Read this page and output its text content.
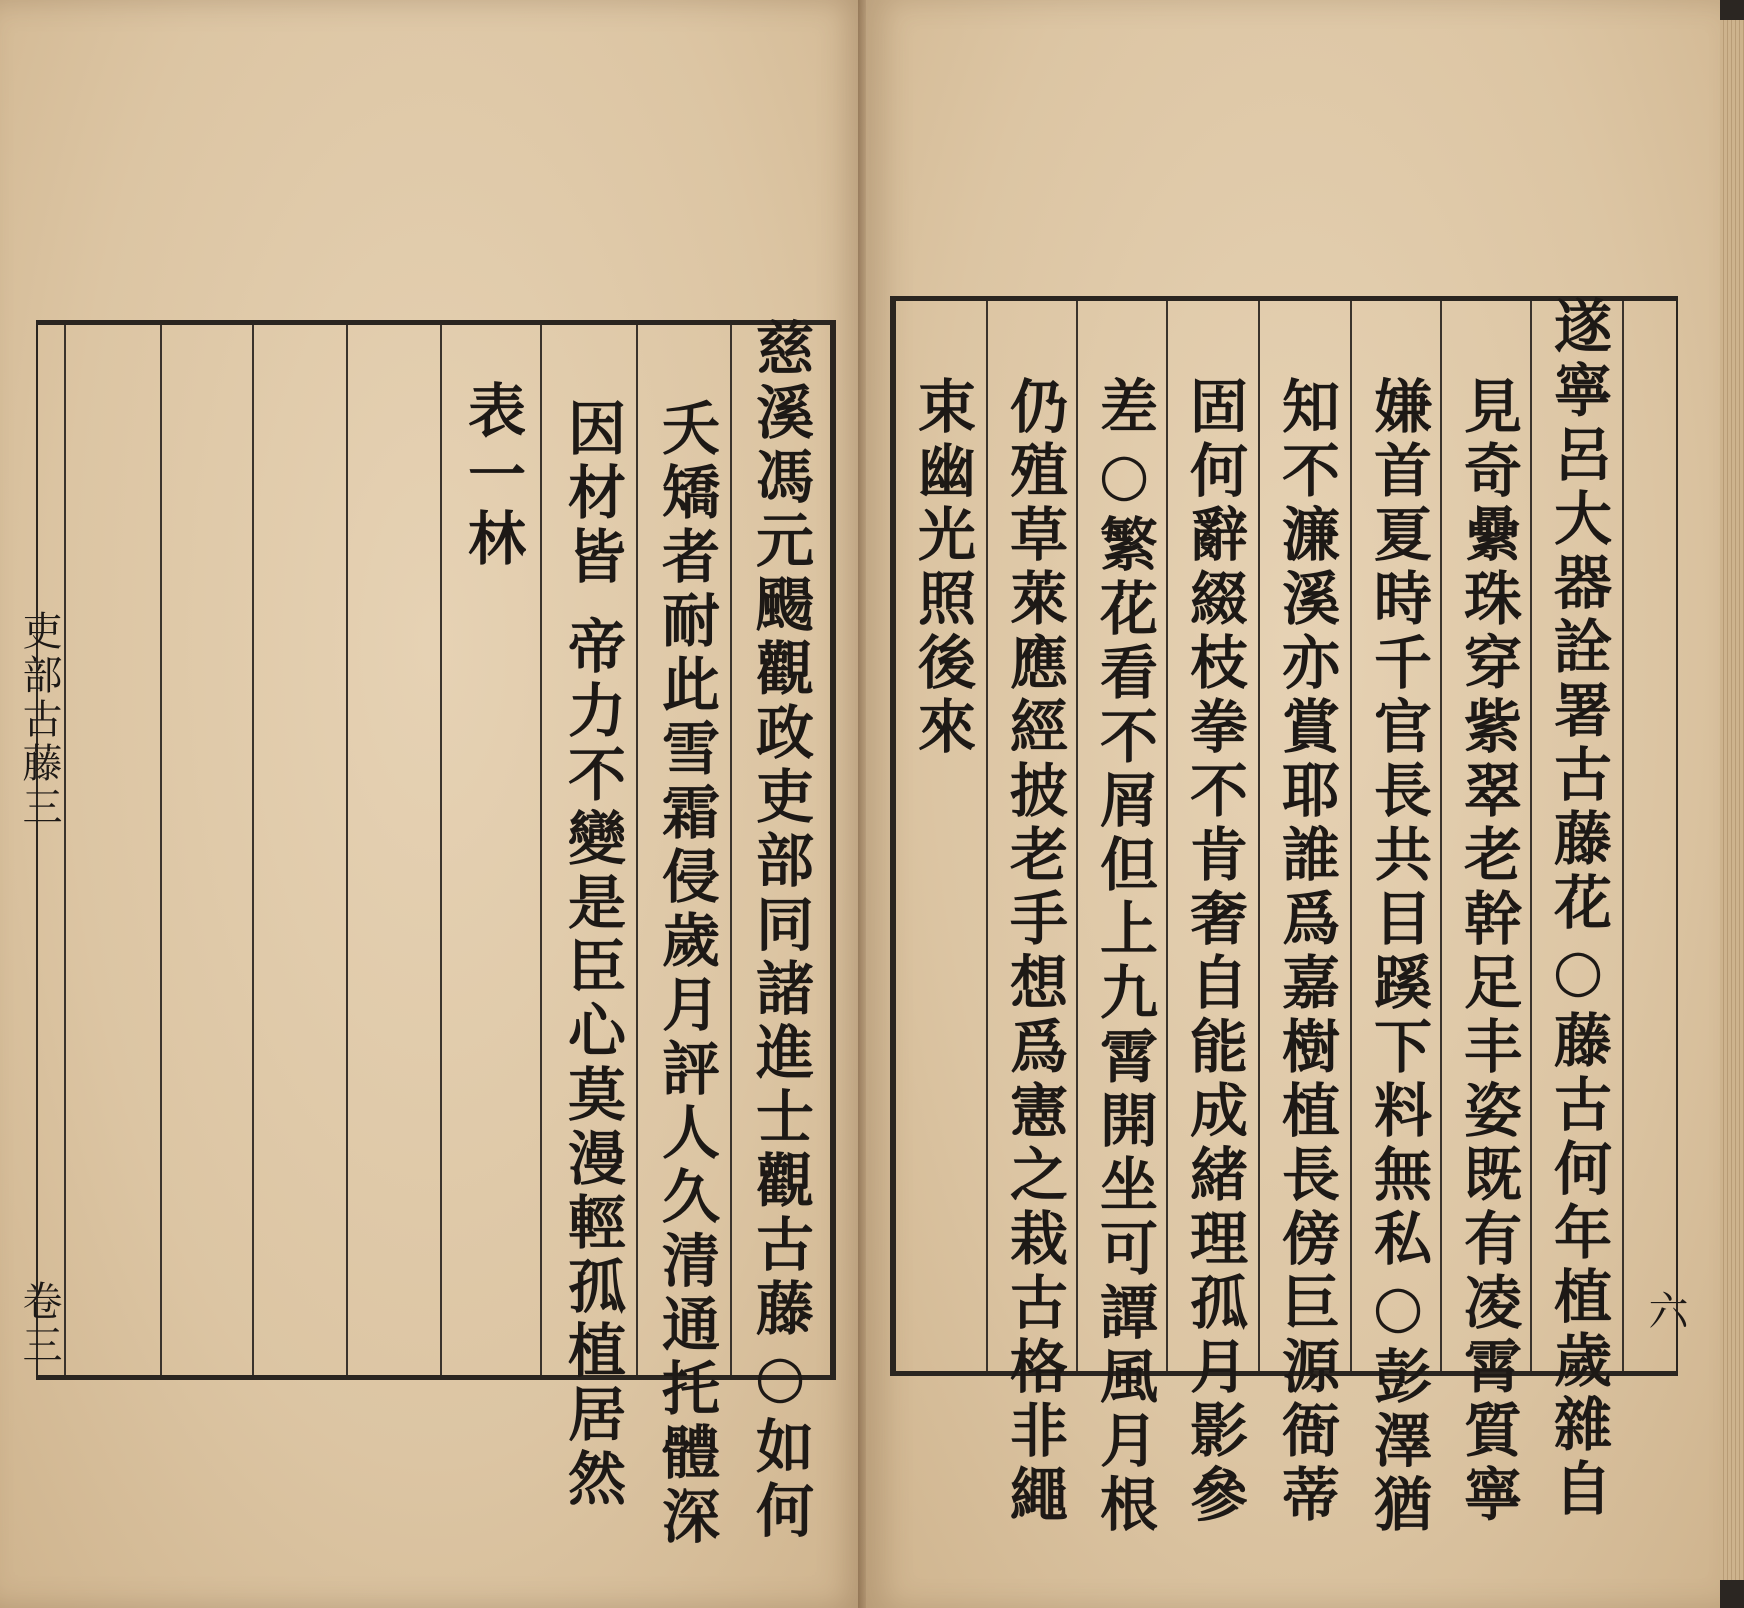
慈溪馮元颺觀政吏部同諸進士觀古藤○如何
夭矯者耐此雪霜侵歲月評人久清通托體深
因材皆 帝力不變是臣心莫漫輕孤植居然
表一林
吏部古藤三
卷三	遂寧呂大器詮署古藤花○藤古何年植歲雜自
見奇纍珠穿紫翠老幹足丰姿既有凌霄質寧
嫌首夏時千官長共目蹊下料無私○彭澤猶
知不濂溪亦賞耶誰爲嘉樹植長傍巨源衙蒂
固何辭綴枝拳不肯奢自能成緒理孤月影參
差○繁花看不屑但上九霄開坐可譚風月根
仍殖草萊應經披老手想爲憲之栽古格非繩
束幽光照後來
六
